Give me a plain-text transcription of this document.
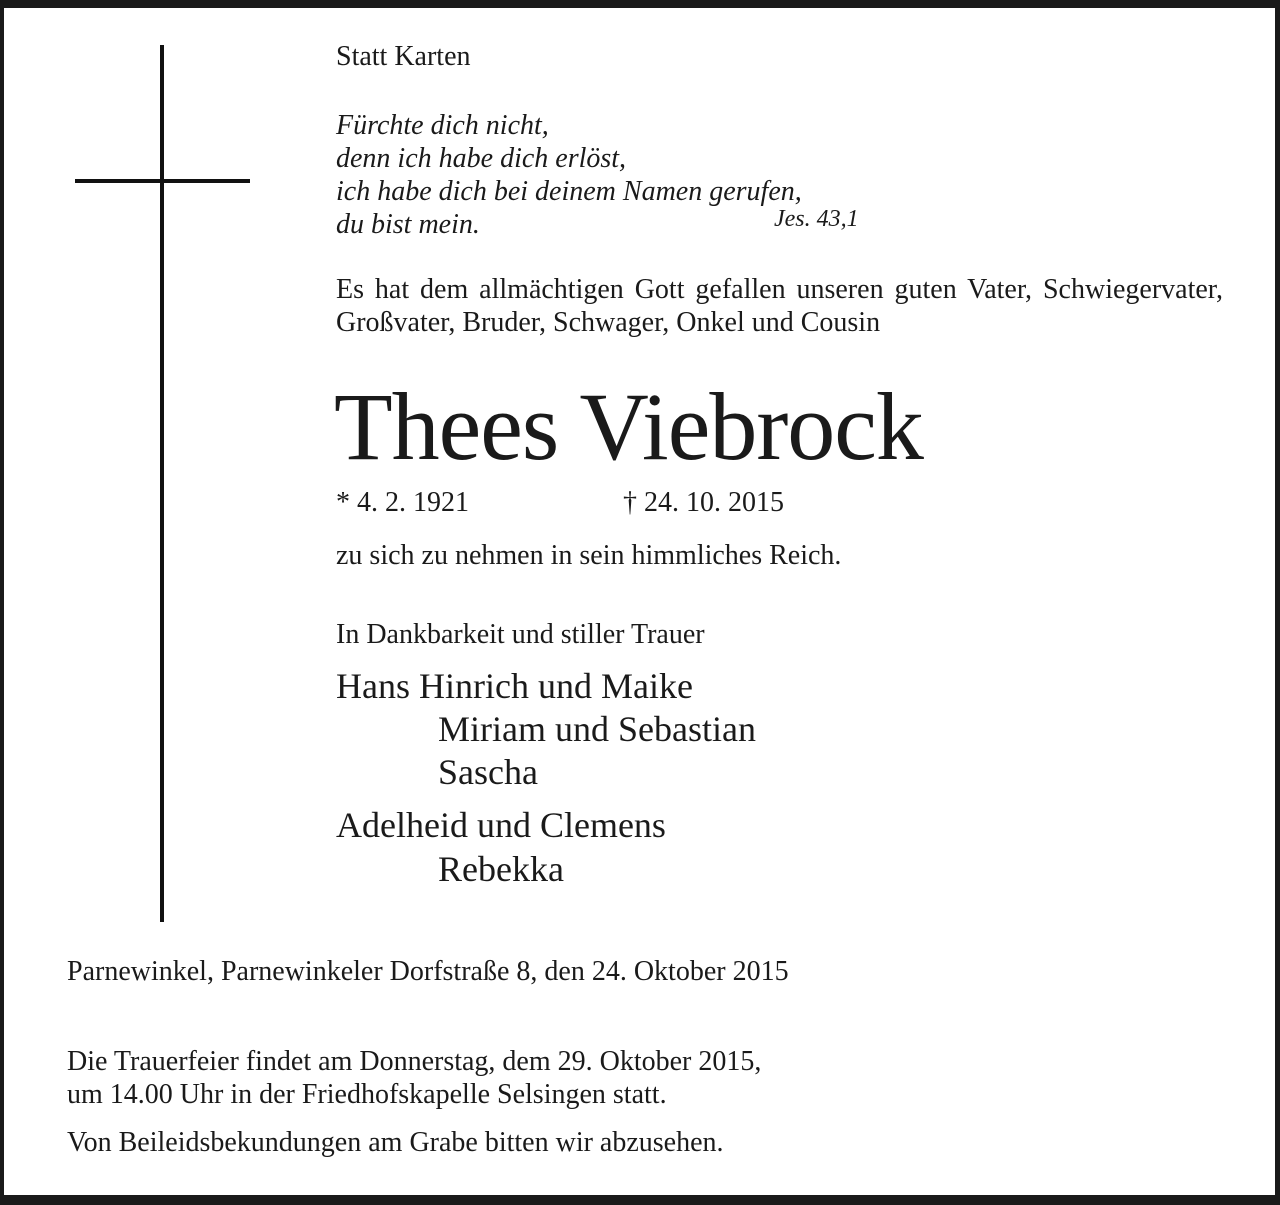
Statt Karten
Fürchte dich nicht,
denn ich habe dich erlöst,
ich habe dich bei deinem Namen gerufen,
du bist mein.	Jes. 43,1
Es hat dem allmächtigen Gott gefallen unseren guten Vater, Schwiegervater, Großvater, Bruder, Schwager, Onkel und Cousin
Thees Viebrock
* 4. 2. 1921	† 24. 10. 2015
zu sich zu nehmen in sein himmliches Reich.
In Dankbarkeit und stiller Trauer
Hans Hinrich und Maike
Miriam und Sebastian
Sascha
Adelheid und Clemens
Rebekka
Parnewinkel, Parnewinkeler Dorfstraße 8, den 24. Oktober 2015
Die Trauerfeier findet am Donnerstag, dem 29. Oktober 2015,
um 14.00 Uhr in der Friedhofskapelle Selsingen statt.
Von Beileidsbekundungen am Grabe bitten wir abzusehen.
